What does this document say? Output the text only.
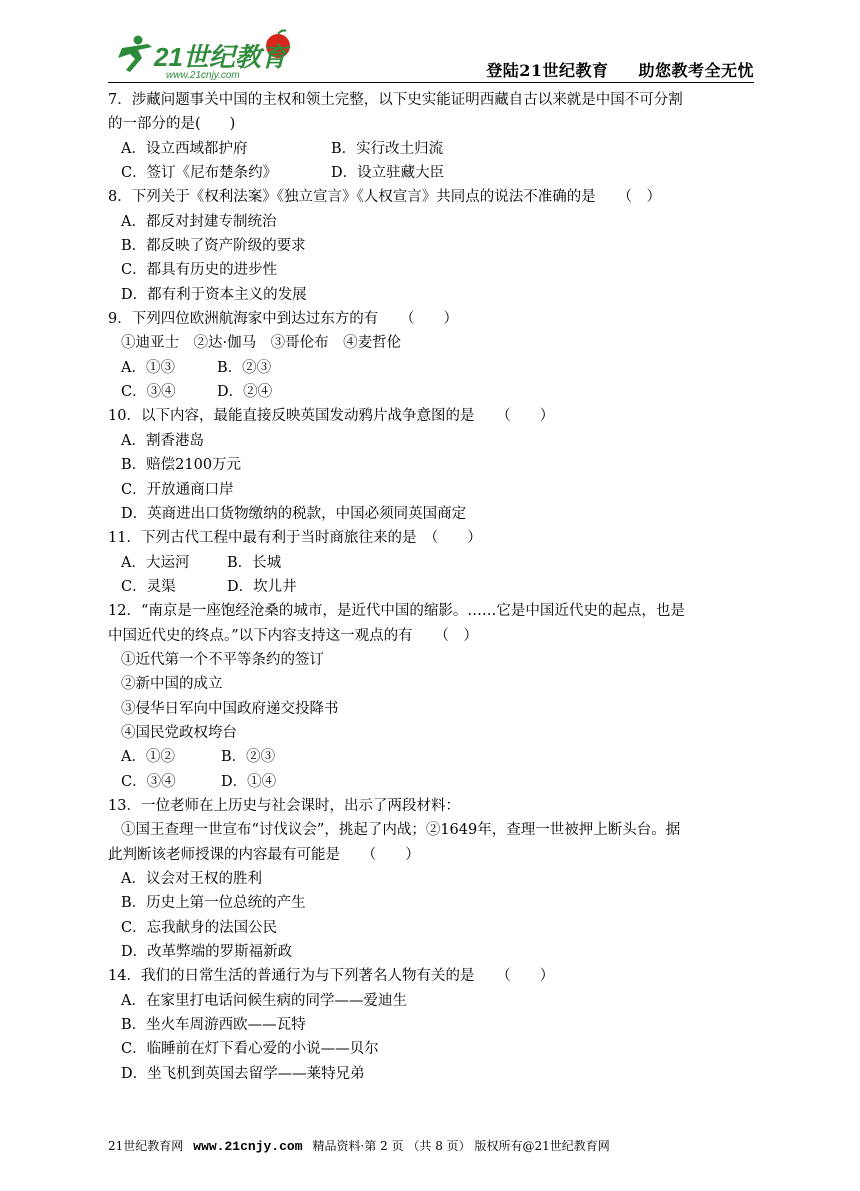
21世纪教育
www.21cnjy.com	登陆21世纪教育 助您教考全无忧
7．涉藏问题事关中国的主权和领土完整，以下史实能证明西藏自古以来就是中国不可分割
的一部分的是(　　)
A．设立西域都护府	B．实行改土归流
C．签订《尼布楚条约》	D．设立驻藏大臣
8．下列关于《权利法案》《独立宣言》《人权宣言》共同点的说法不准确的是　　（　）
A．都反对封建专制统治
B．都反映了资产阶级的要求
C．都具有历史的进步性
D．都有利于资本主义的发展
9．下列四位欧洲航海家中到达过东方的有　　（　　）
①迪亚士　②达·伽马　③哥伦布　④麦哲伦
A．①③	B．②③
C．③④	D．②④
10．以下内容，最能直接反映英国发动鸦片战争意图的是　　（　　）
A．割香港岛
B．赔偿2100万元
C．开放通商口岸
D．英商进出口货物缴纳的税款，中国必须同英国商定
11．下列古代工程中最有利于当时商旅往来的是　（　　）
A．大运河	B．长城
C．灵渠	D．坎儿井
12．“南京是一座饱经沧桑的城市，是近代中国的缩影。……它是中国近代史的起点，也是
中国近代史的终点。”以下内容支持这一观点的有　　（　）
①近代第一个不平等条约的签订
②新中国的成立
③侵华日军向中国政府递交投降书
④国民党政权垮台
A．①②	B．②③
C．③④	D．①④
13．一位老师在上历史与社会课时，出示了两段材料：
①国王查理一世宣布“讨伐议会”，挑起了内战；②1649年，查理一世被押上断头台。据
此判断该老师授课的内容最有可能是　　（　　）
A．议会对王权的胜利
B．历史上第一位总统的产生
C．忘我献身的法国公民
D．改革弊端的罗斯福新政
14．我们的日常生活的普通行为与下列著名人物有关的是　　（　　）
A．在家里打电话问候生病的同学——爱迪生
B．坐火车周游西欧——瓦特
C．临睡前在灯下看心爱的小说——贝尔
D．坐飞机到英国去留学——莱特兄弟
21世纪教育网 www.21cnjy.com 精品资料·第 2 页 （共 8 页） 版权所有@21世纪教育网
